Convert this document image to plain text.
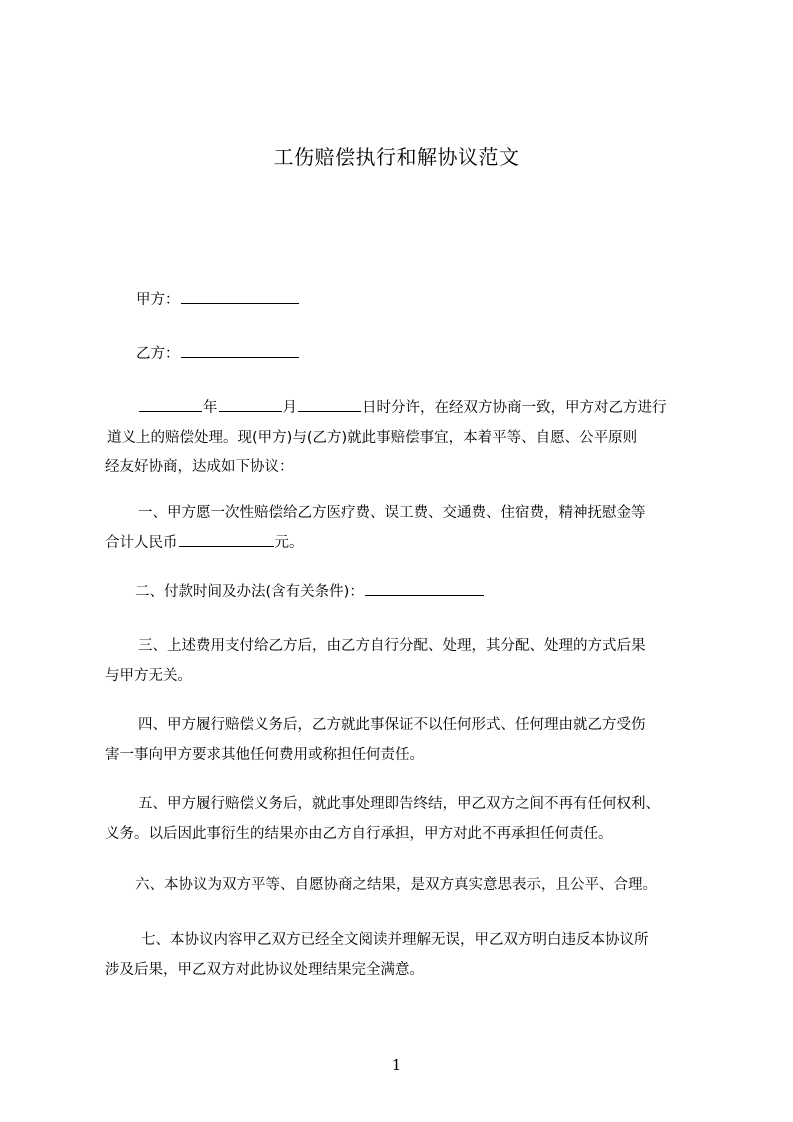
工伤赔偿执行和解协议范文
甲方：
乙方：
年	月	日时分许，在经双方协商一致，甲方对乙方进行
道义上的赔偿处理。现(甲方)与(乙方)就此事赔偿事宜，本着平等、自愿、公平原则
经友好协商，达成如下协议：
一、甲方愿一次性赔偿给乙方医疗费、误工费、交通费、住宿费，精神抚慰金等
合计人民币	元。
二、付款时间及办法(含有关条件)：
三、上述费用支付给乙方后，由乙方自行分配、处理，其分配、处理的方式后果
与甲方无关。
四、甲方履行赔偿义务后，乙方就此事保证不以任何形式、任何理由就乙方受伤
害一事向甲方要求其他任何费用或称担任何责任。
五、甲方履行赔偿义务后，就此事处理即告终结，甲乙双方之间不再有任何权利、
义务。以后因此事衍生的结果亦由乙方自行承担，甲方对此不再承担任何责任。
六、本协议为双方平等、自愿协商之结果，是双方真实意思表示，且公平、合理。
七、本协议内容甲乙双方已经全文阅读并理解无误，甲乙双方明白违反本协议所
涉及后果，甲乙双方对此协议处理结果完全满意。
1
